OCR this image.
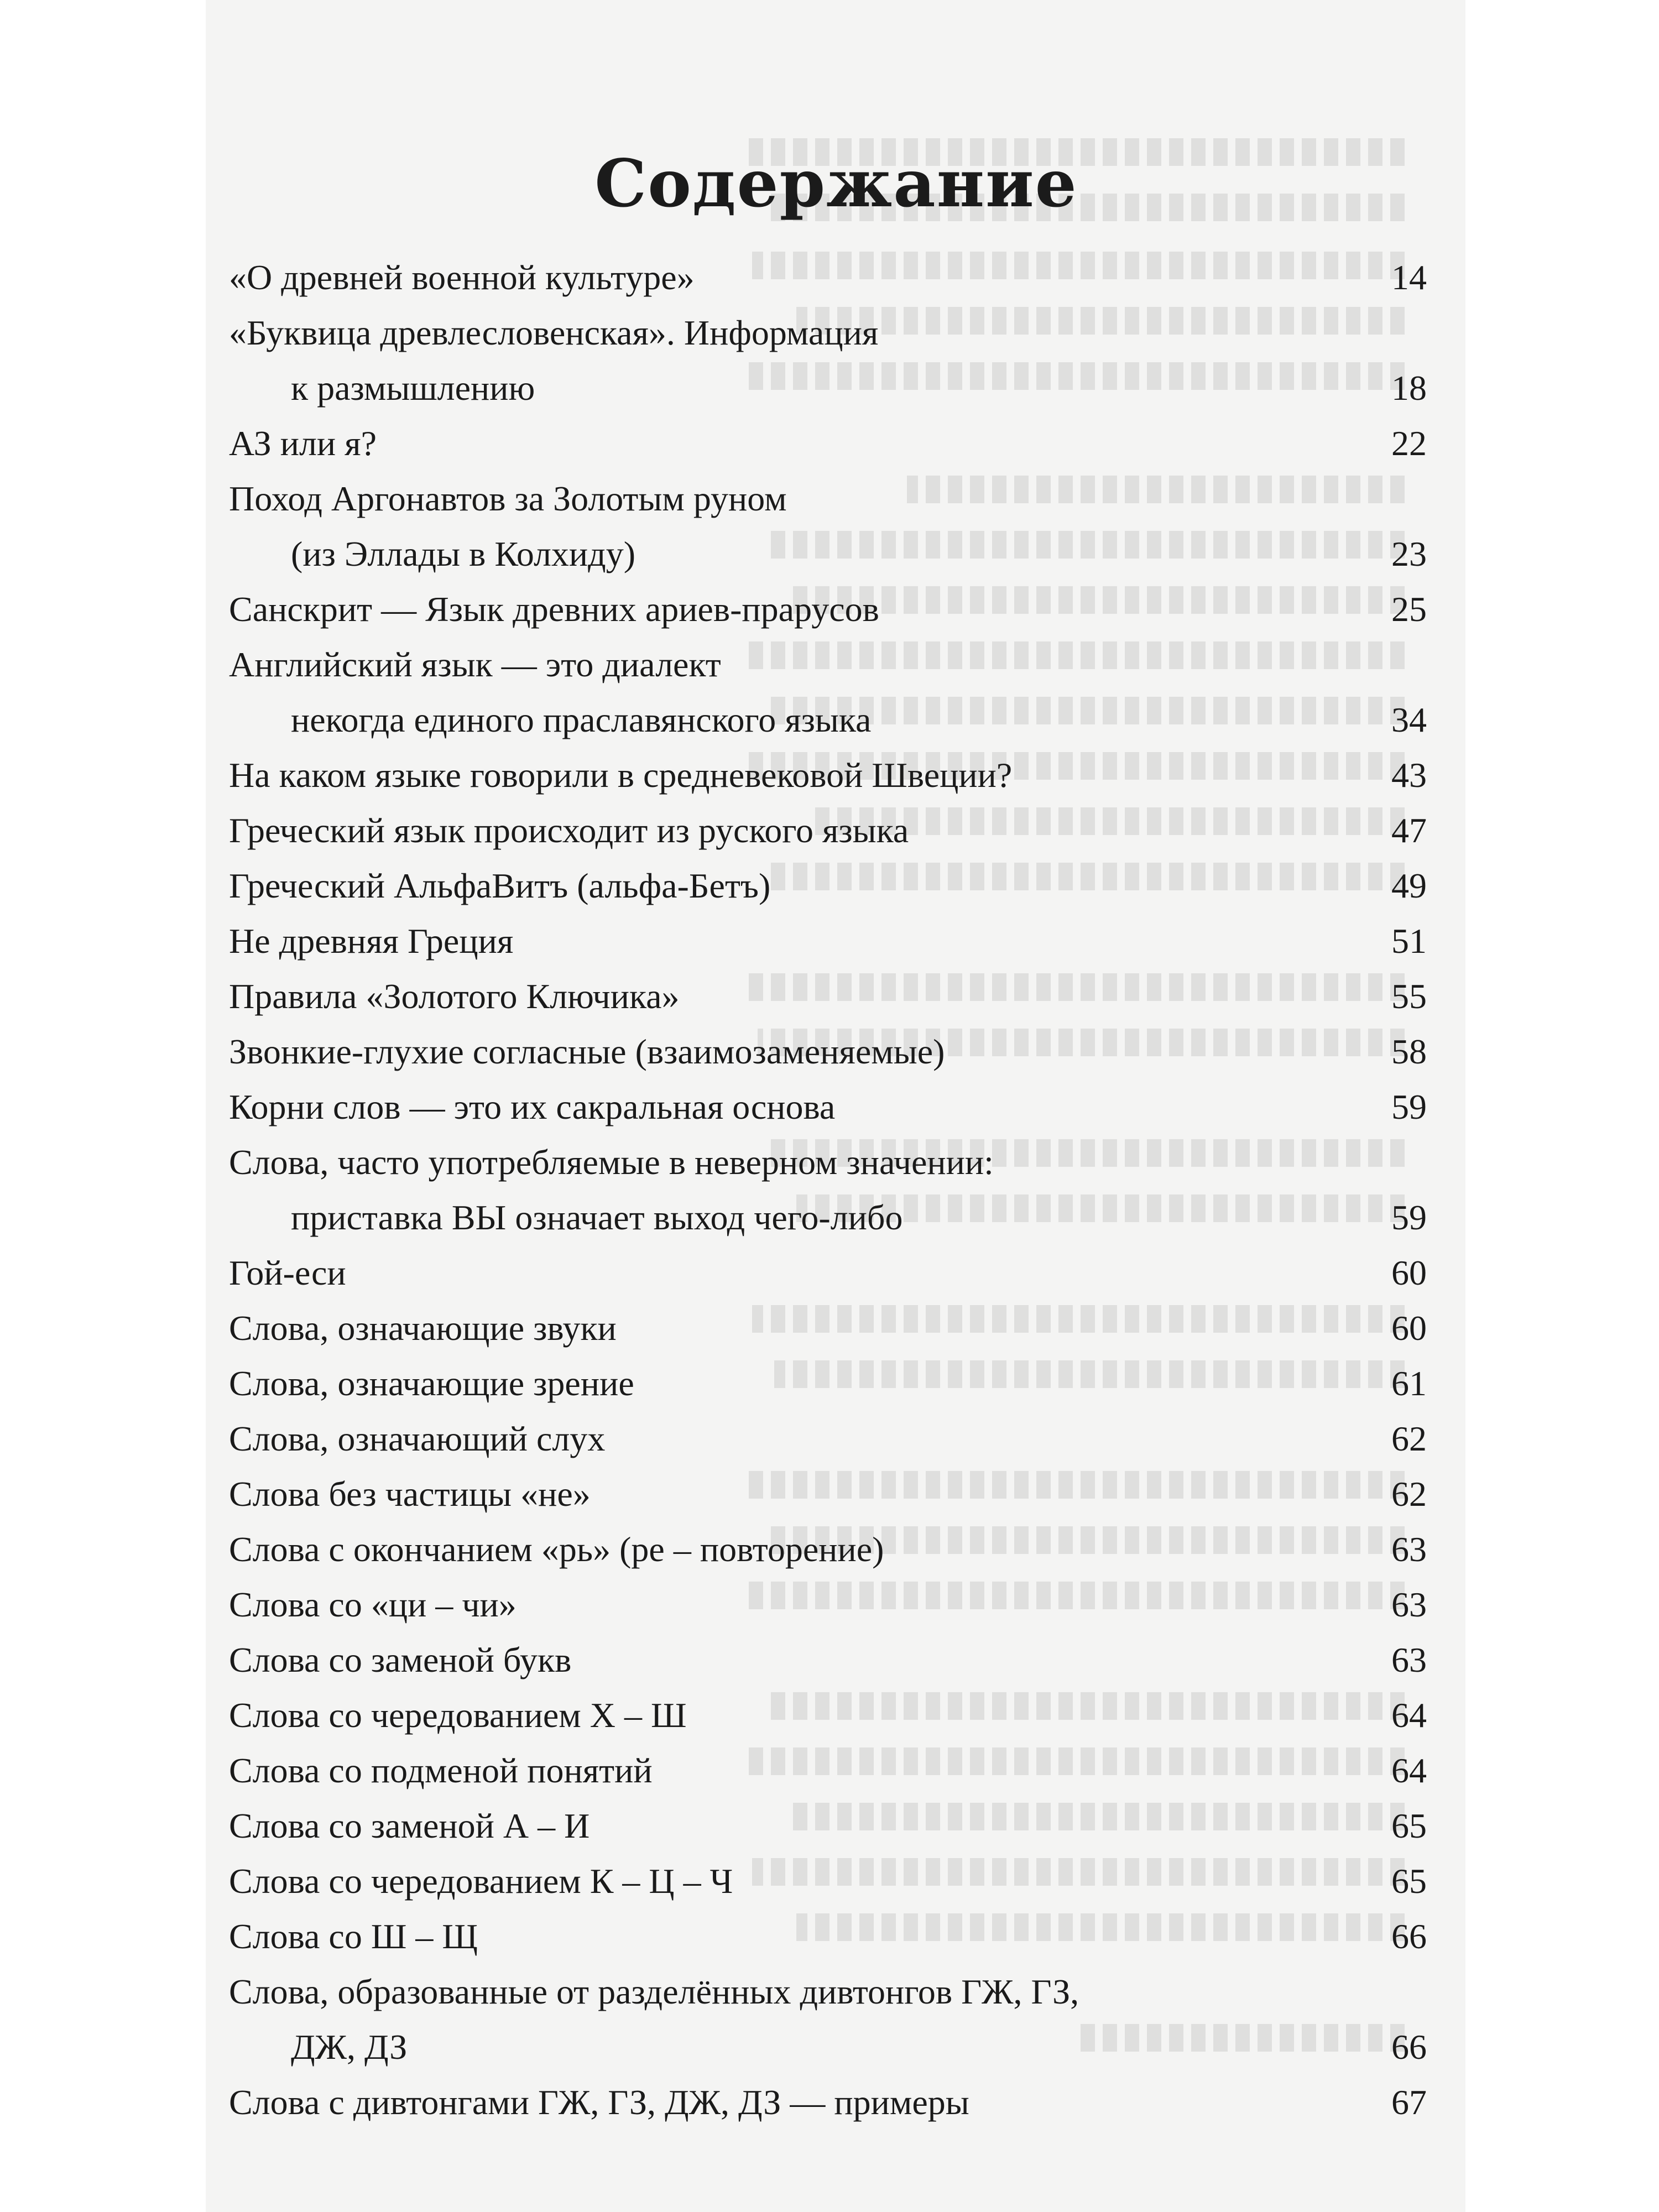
Содержание
«О древней военной культуре» . . .	14
«Буквица древлесловенская». Информация
к размышлению . . .	18
АЗ или я? . . .	22
Поход Аргонавтов за Золотым руном
(из Эллады в Колхиду) . . .	23
Санскрит — Язык древних ариев-прарусов . . .	25
Английский язык — это диалект
некогда единого праславянского языка . . .	34
На каком языке говорили в средневековой Швеции? . . .	43
Греческий язык происходит из руского языка . . .	47
Греческий АльфаВитъ (альфа-Бетъ) . . .	49
Не древняя Греция . . .	51
Правила «Золотого Ключика» . . .	55
Звонкие-глухие согласные (взаимозаменяемые) . . .	58
Корни слов — это их сакральная основа . . .	59
Слова, часто употребляемые в неверном значении:
приставка ВЫ означает выход чего-либо . . .	59
Гой-еси . . .	60
Слова, означающие звуки . . .	60
Слова, означающие зрение . . .	61
Слова, означающий слух . . .	62
Слова без частицы «не» . . .	62
Слова с окончанием «рь» (ре – повторение) . . .	63
Слова со «ци – чи» . . .	63
Слова со заменой букв . . .	63
Слова со чередованием Х – Ш . . .	64
Слова со подменой понятий . . .	64
Слова со заменой А – И . . .	65
Слова со чередованием К – Ц – Ч . . .	65
Слова со Ш – Щ . . .	66
Слова, образованные от разделённых дивтонгов ГЖ, ГЗ,
ДЖ, ДЗ . . .	66
Слова с дивтонгами ГЖ, ГЗ, ДЖ, ДЗ — примеры . . .	67
